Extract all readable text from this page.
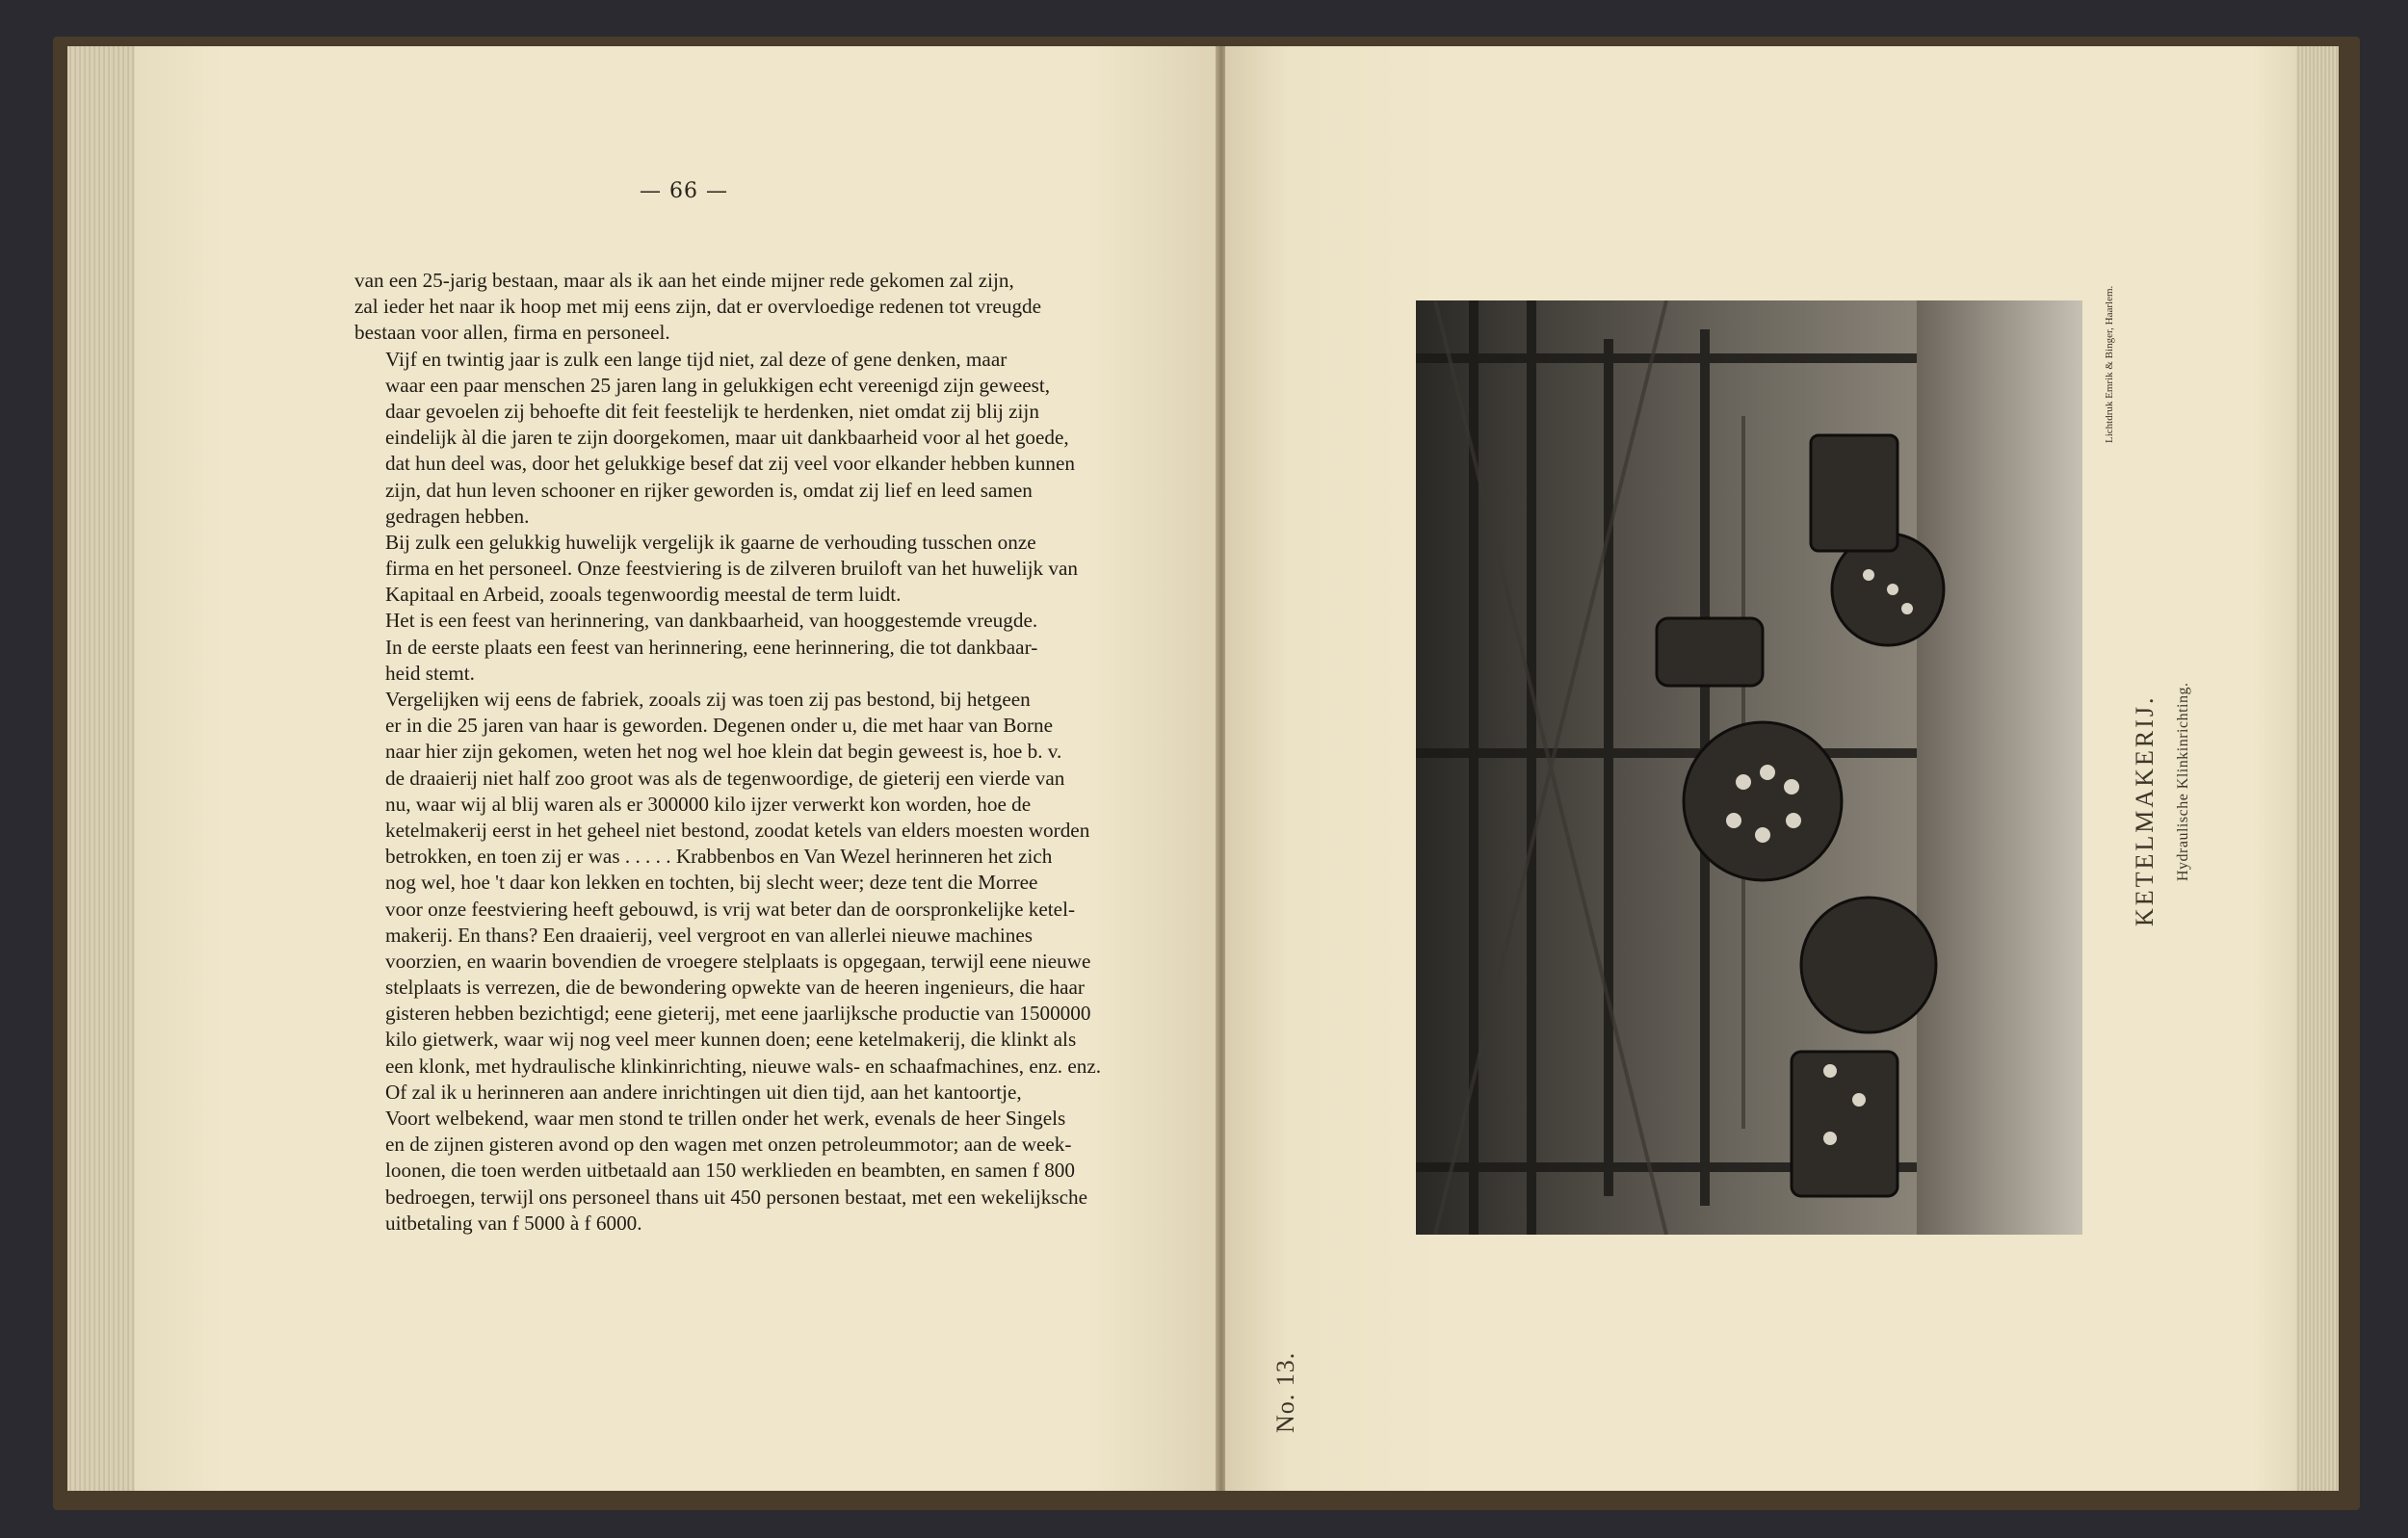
— 66 —
van een 25-jarig bestaan, maar als ik aan het einde mijner rede gekomen zal zijn,
zal ieder het naar ik hoop met mij eens zijn, dat er overvloedige redenen tot vreugde
bestaan voor allen, firma en personeel.
Vijf en twintig jaar is zulk een lange tijd niet, zal deze of gene denken, maar
waar een paar menschen 25 jaren lang in gelukkigen echt vereenigd zijn geweest,
daar gevoelen zij behoefte dit feit feestelijk te herdenken, niet omdat zij blij zijn
eindelijk àl die jaren te zijn doorgekomen, maar uit dankbaarheid voor al het goede,
dat hun deel was, door het gelukkige besef dat zij veel voor elkander hebben kunnen
zijn, dat hun leven schooner en rijker geworden is, omdat zij lief en leed samen
gedragen hebben.
Bij zulk een gelukkig huwelijk vergelijk ik gaarne de verhouding tusschen onze
firma en het personeel. Onze feestviering is de zilveren bruiloft van het huwelijk van
Kapitaal en Arbeid, zooals tegenwoordig meestal de term luidt.
Het is een feest van herinnering, van dankbaarheid, van hooggestemde vreugde.
In de eerste plaats een feest van herinnering, eene herinnering, die tot dankbaar-
heid stemt.
Vergelijken wij eens de fabriek, zooals zij was toen zij pas bestond, bij hetgeen
er in die 25 jaren van haar is geworden. Degenen onder u, die met haar van Borne
naar hier zijn gekomen, weten het nog wel hoe klein dat begin geweest is, hoe b. v.
de draaierij niet half zoo groot was als de tegenwoordige, de gieterij een vierde van
nu, waar wij al blij waren als er 300000 kilo ijzer verwerkt kon worden, hoe de
ketelmakerij eerst in het geheel niet bestond, zoodat ketels van elders moesten worden
betrokken, en toen zij er was . . . . . Krabbenbos en Van Wezel herinneren het zich
nog wel, hoe 't daar kon lekken en tochten, bij slecht weer; deze tent die Morree
voor onze feestviering heeft gebouwd, is vrij wat beter dan de oorspronkelijke ketel-
makerij. En thans? Een draaierij, veel vergroot en van allerlei nieuwe machines
voorzien, en waarin bovendien de vroegere stelplaats is opgegaan, terwijl eene nieuwe
stelplaats is verrezen, die de bewondering opwekte van de heeren ingenieurs, die haar
gisteren hebben bezichtigd; eene gieterij, met eene jaarlijksche productie van 1500000
kilo gietwerk, waar wij nog veel meer kunnen doen; eene ketelmakerij, die klinkt als
een klonk, met hydraulische klinkinrichting, nieuwe wals- en schaafmachines, enz. enz.
Of zal ik u herinneren aan andere inrichtingen uit dien tijd, aan het kantoortje,
Voort welbekend, waar men stond te trillen onder het werk, evenals de heer Singels
en de zijnen gisteren avond op den wagen met onzen petroleummotor; aan de week-
loonen, die toen werden uitbetaald aan 150 werklieden en beambten, en samen f 800
bedroegen, terwijl ons personeel thans uit 450 personen bestaat, met een wekelijksche
uitbetaling van f 5000 à f 6000.
Lichtdruk Emrik & Binger, Haarlem.
KETELMAKERIJ. Hydraulische Klinkinrichting.
No. 13.
